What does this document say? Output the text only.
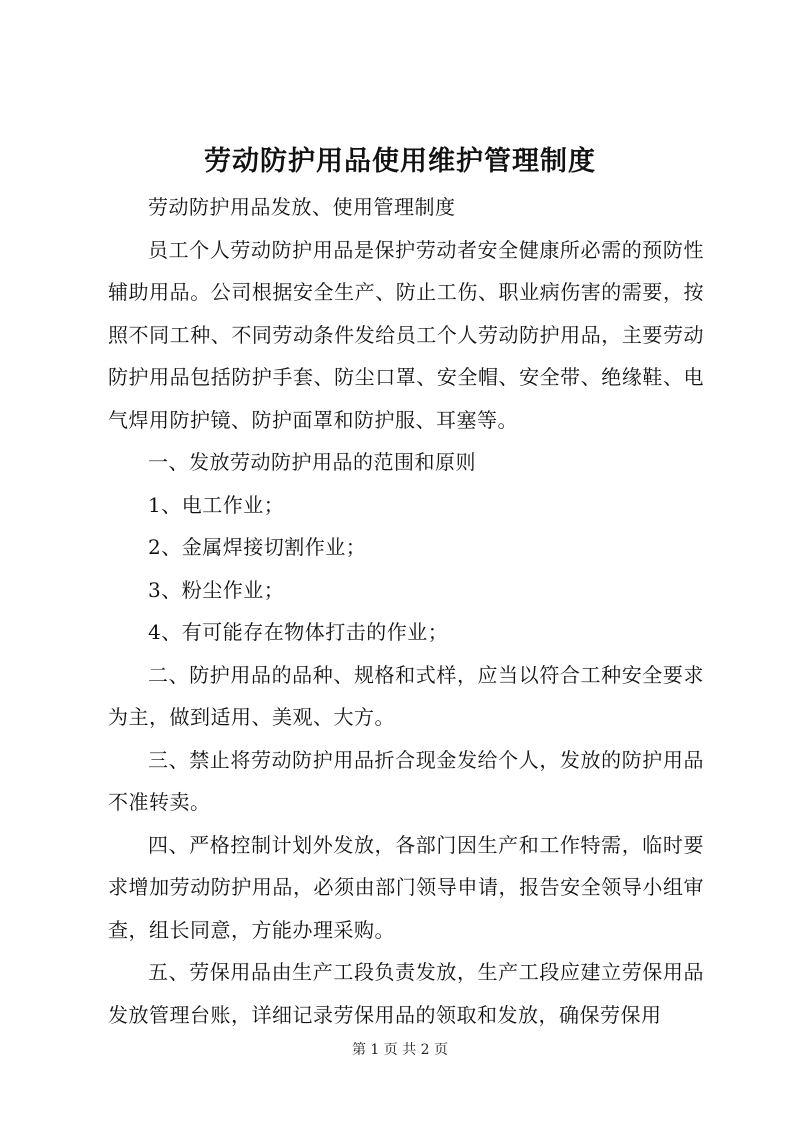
劳动防护用品使用维护管理制度

劳动防护用品发放、使用管理制度

员工个人劳动防护用品是保护劳动者安全健康所必需的预防性辅助用品。公司根据安全生产、防止工伤、职业病伤害的需要，按照不同工种、不同劳动条件发给员工个人劳动防护用品，主要劳动防护用品包括防护手套、防尘口罩、安全帽、安全带、绝缘鞋、电气焊用防护镜、防护面罩和防护服、耳塞等。

一、发放劳动防护用品的范围和原则

1、电工作业；

2、金属焊接切割作业；

3、粉尘作业；

4、有可能存在物体打击的作业；

二、防护用品的品种、规格和式样，应当以符合工种安全要求为主，做到适用、美观、大方。

三、禁止将劳动防护用品折合现金发给个人，发放的防护用品不准转卖。

四、严格控制计划外发放，各部门因生产和工作特需，临时要求增加劳动防护用品，必须由部门领导申请，报告安全领导小组审查，组长同意，方能办理采购。

五、劳保用品由生产工段负责发放，生产工段应建立劳保用品发放管理台账，详细记录劳保用品的领取和发放，确保劳保用

第 1 页 共 2 页
